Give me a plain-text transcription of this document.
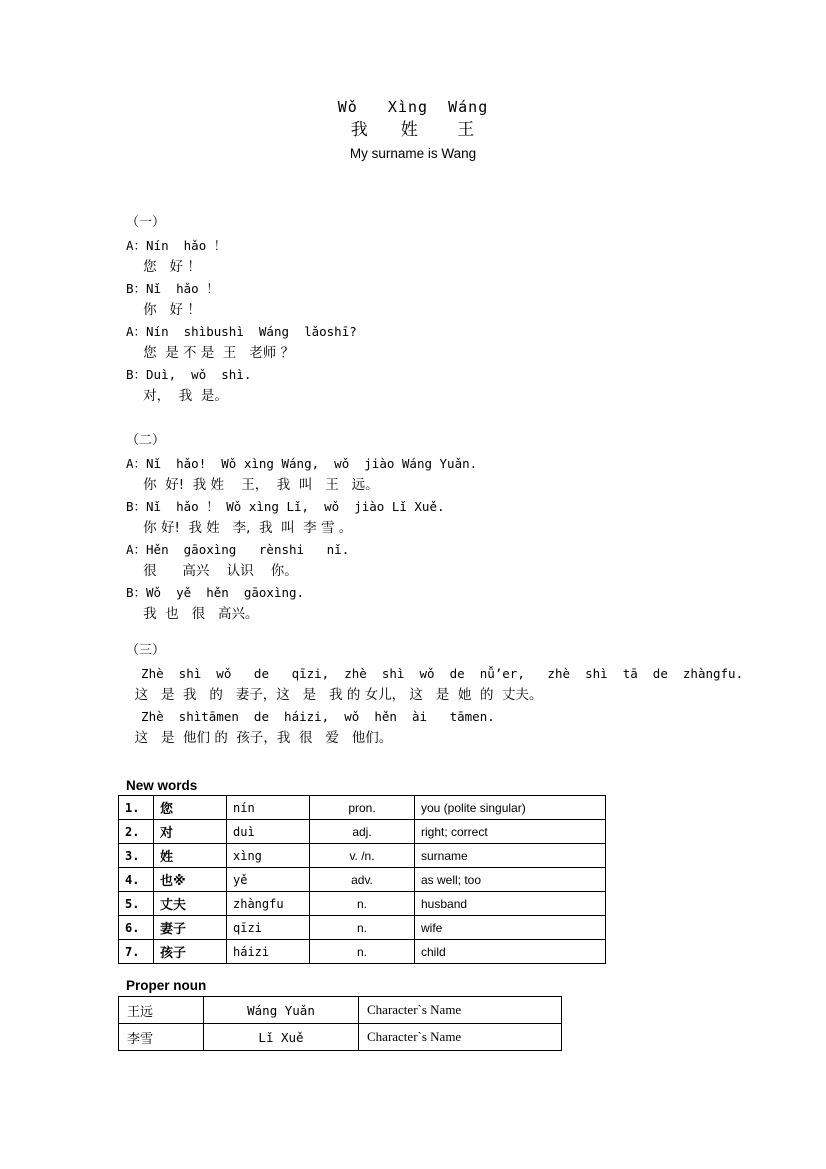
Wǒ   Xìng  Wáng
我     姓      王
My surname is Wang
（一）
A：Nín  hǎo ！
您   好 ！
B：Nǐ  hǎo ！
你   好 ！
A：Nín  shìbushì  Wáng  lǎoshī?
您  是 不 是  王   老师 ？
B：Duì,  wǒ  shì.
对，  我  是。
（二）
A：Nǐ  hǎo!  Wǒ xìng Wáng,  wǒ  jiào Wáng Yuǎn.
你  好!  我 姓    王，  我  叫   王   远。
B：Nǐ  hǎo ！ Wǒ xìng Lǐ,  wǒ  jiào Lǐ Xuě.
你 好!  我 姓   李,  我  叫  李 雪 。
A：Hěn  gāoxìng   rènshi   nǐ.
很      高兴    认识    你。
B：Wǒ  yě  hěn  gāoxìng.
我  也   很   高兴。
（三）
Zhè  shì  wǒ   de   qīzi,  zhè  shì  wǒ  de  nǚ’er,   zhè  shì  tā  de  zhàngfu.
这   是  我   的   妻子，这   是   我 的 女儿， 这   是  她  的  丈夫。
Zhè  shìtāmen  de  háizi,  wǒ  hěn  ài   tāmen.
这   是  他们 的  孩子，我  很   爱   他们。
New words
1.	您	nín	pron.	you (polite singular)
2.	对	duì	adj.	right; correct
3.	姓	xìng	v. /n.	surname
4.	也※	yě	adv.	as well; too
5.	丈夫	zhàngfu	n.	husband
6.	妻子	qīzi	n.	wife
7.	孩子	háizi	n.	child
Proper noun
王远	Wáng Yuǎn	Character`s Name
李雪	Lǐ Xuě	Character`s Name
